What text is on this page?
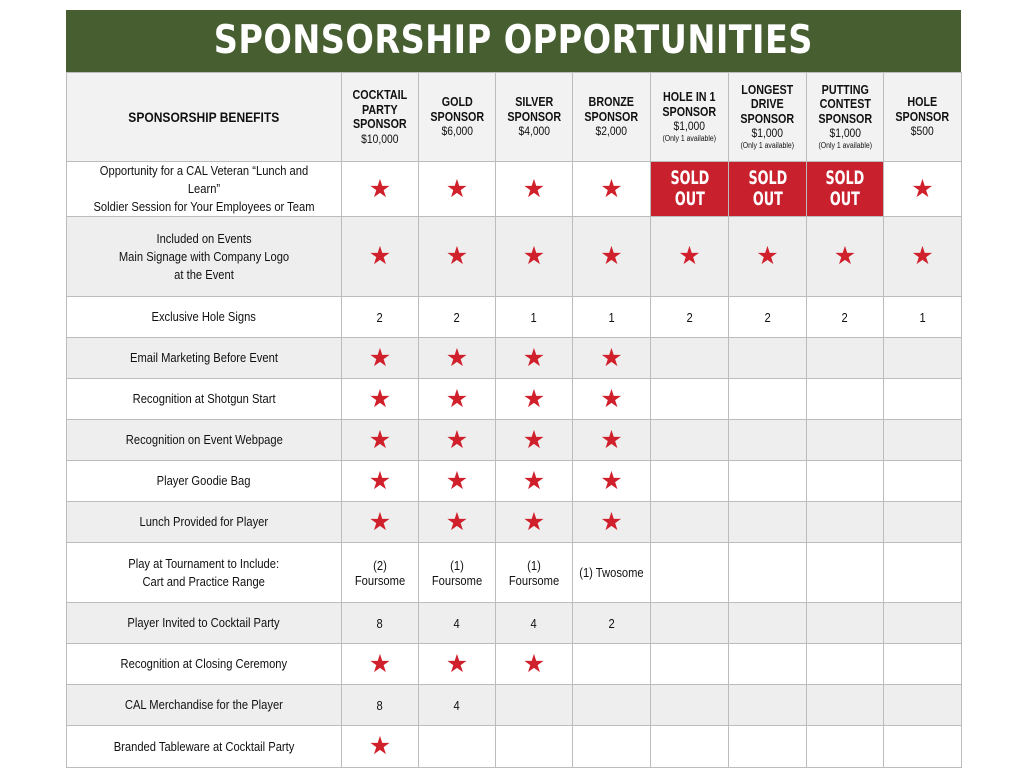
SPONSORSHIP OPPORTUNITIES
SPONSORSHIP BENEFITS	COCKTAIL
PARTY
SPONSOR
$10,000	GOLD
SPONSOR
$6,000	SILVER
SPONSOR
$4,000	BRONZE
SPONSOR
$2,000	HOLE IN 1
SPONSOR
$1,000
(Only 1 available)	LONGEST
DRIVE
SPONSOR
$1,000
(Only 1 available)	PUTTING
CONTEST
SPONSOR
$1,000
(Only 1 available)	HOLE
SPONSOR
$500

Opportunity for a CAL Veteran “Lunch and Learn”
Soldier Session for Your Employees or Team	★	★	★	★	SOLD
OUT	SOLD
OUT	SOLD
OUT	★

Included on Events
Main Signage with Company Logo
at the Event	★	★	★	★	★	★	★	★

Exclusive Hole Signs	2	2	1	1	2	2	2	1

Email Marketing Before Event	★	★	★	★				

Recognition at Shotgun Start	★	★	★	★				

Recognition on Event Webpage	★	★	★	★				

Player Goodie Bag	★	★	★	★				

Lunch Provided for Player	★	★	★	★				

Play at Tournament to Include:
Cart and Practice Range	(2) Foursome	(1) Foursome	(1) Foursome	(1) Twosome				

Player Invited to Cocktail Party	8	4	4	2				

Recognition at Closing Ceremony	★	★	★					

CAL Merchandise for the Player	8	4						

Branded Tableware at Cocktail Party	★							
